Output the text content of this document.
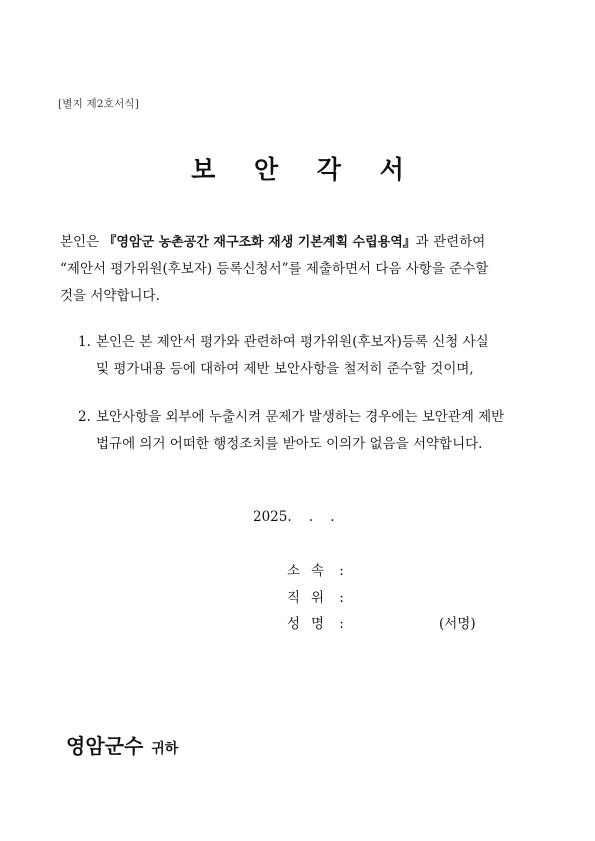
[별지 제2호서식]
보 안 각 서
본인은 『영암군 농촌공간 재구조화 재생 기본계획 수립용역』과 관련하여
“제안서 평가위원(후보자) 등록신청서”를 제출하면서 다음 사항을 준수할
것을 서약합니다.
1. 본인은 본 제안서 평가와 관련하여 평가위원(후보자)등록 신청 사실
및 평가내용 등에 대하여 제반 보안사항을 철저히 준수할 것이며,
2. 보안사항을 외부에 누출시켜 문제가 발생하는 경우에는 보안관계 제반
법규에 의거 어떠한 행정조치를 받아도 이의가 없음을 서약합니다.
2025.    .    .
소 속 :
직 위 :
성 명 :	(서명)
영암군수 귀하
